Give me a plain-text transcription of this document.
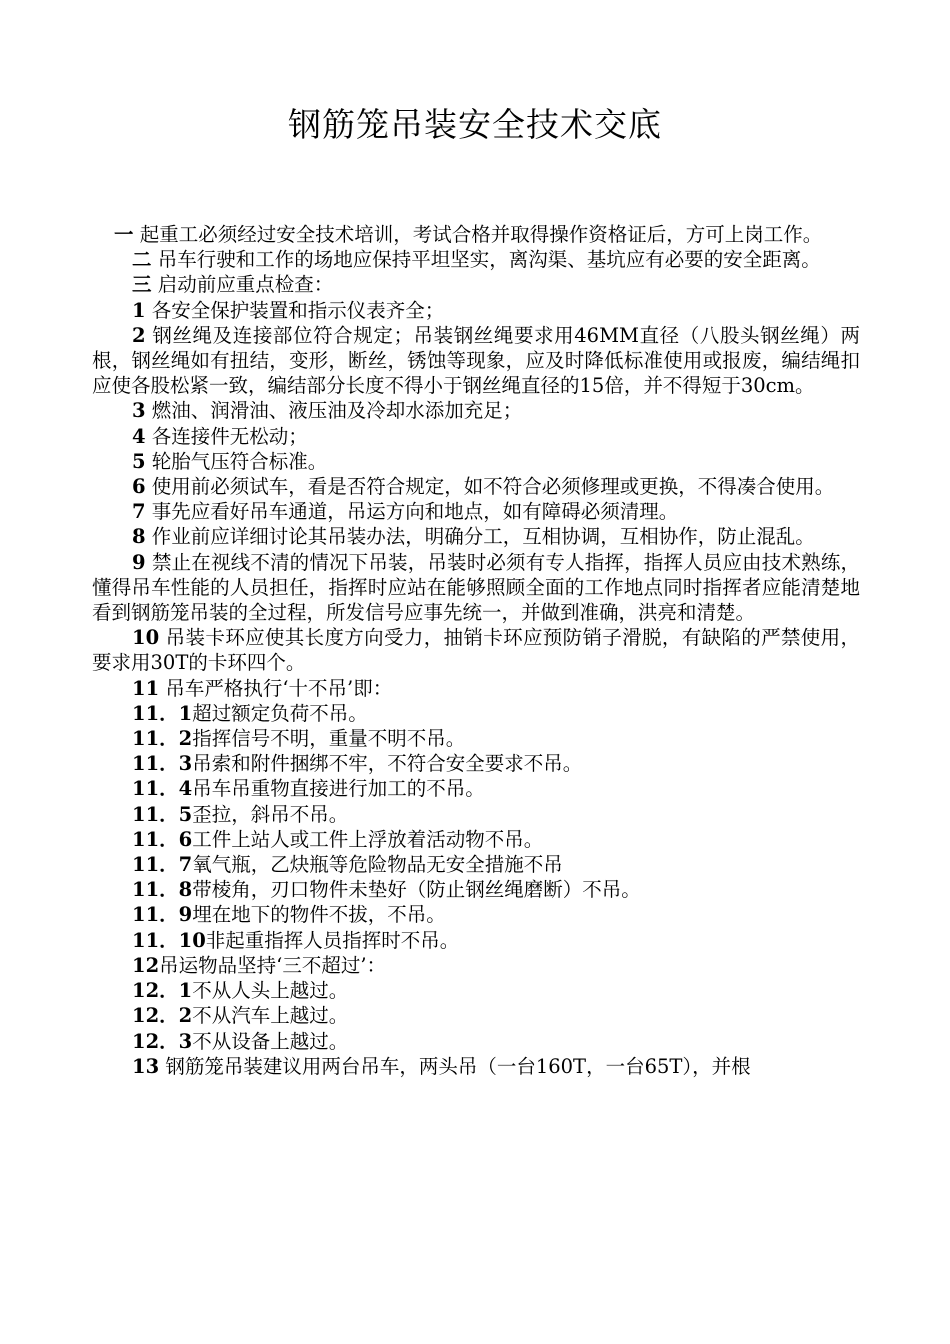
钢筋笼吊装安全技术交底

一 起重工必须经过安全技术培训，考试合格并取得操作资格证后，方可上岗工作。

二 吊车行驶和工作的场地应保持平坦坚实，离沟渠、基坑应有必要的安全距离。

三 启动前应重点检查：

1 各安全保护装置和指示仪表齐全；

2 钢丝绳及连接部位符合规定；吊装钢丝绳要求用46MM直径（八股头钢丝绳）两根，钢丝绳如有扭结，变形，断丝，锈蚀等现象，应及时降低标准使用或报废，编结绳扣应使各股松紧一致，编结部分长度不得小于钢丝绳直径的15倍，并不得短于30cm。

3 燃油、润滑油、液压油及冷却水添加充足；

4 各连接件无松动；

5 轮胎气压符合标准。

6 使用前必须试车，看是否符合规定，如不符合必须修理或更换，不得凑合使用。

7 事先应看好吊车通道，吊运方向和地点，如有障碍必须清理。

8 作业前应详细讨论其吊装办法，明确分工，互相协调，互相协作，防止混乱。

9 禁止在视线不清的情况下吊装，吊装时必须有专人指挥，指挥人员应由技术熟练，懂得吊车性能的人员担任，指挥时应站在能够照顾全面的工作地点同时指挥者应能清楚地看到钢筋笼吊装的全过程，所发信号应事先统一，并做到准确，洪亮和清楚。

10 吊装卡环应使其长度方向受力，抽销卡环应预防销子滑脱，有缺陷的严禁使用，要求用30T的卡环四个。

11 吊车严格执行‘十不吊’即：

11．1超过额定负荷不吊。

11．2指挥信号不明，重量不明不吊。

11．3吊索和附件捆绑不牢，不符合安全要求不吊。

11．4吊车吊重物直接进行加工的不吊。

11．5歪拉，斜吊不吊。

11．6工件上站人或工件上浮放着活动物不吊。

11．7氧气瓶，乙炔瓶等危险物品无安全措施不吊

11．8带棱角，刃口物件未垫好（防止钢丝绳磨断）不吊。

11．9埋在地下的物件不拔，不吊。

11．10非起重指挥人员指挥时不吊。

12吊运物品坚持‘三不超过’：

12．1不从人头上越过。

12．2不从汽车上越过。

12．3不从设备上越过。

13 钢筋笼吊装建议用两台吊车，两头吊（一台160T，一台65T），并根
